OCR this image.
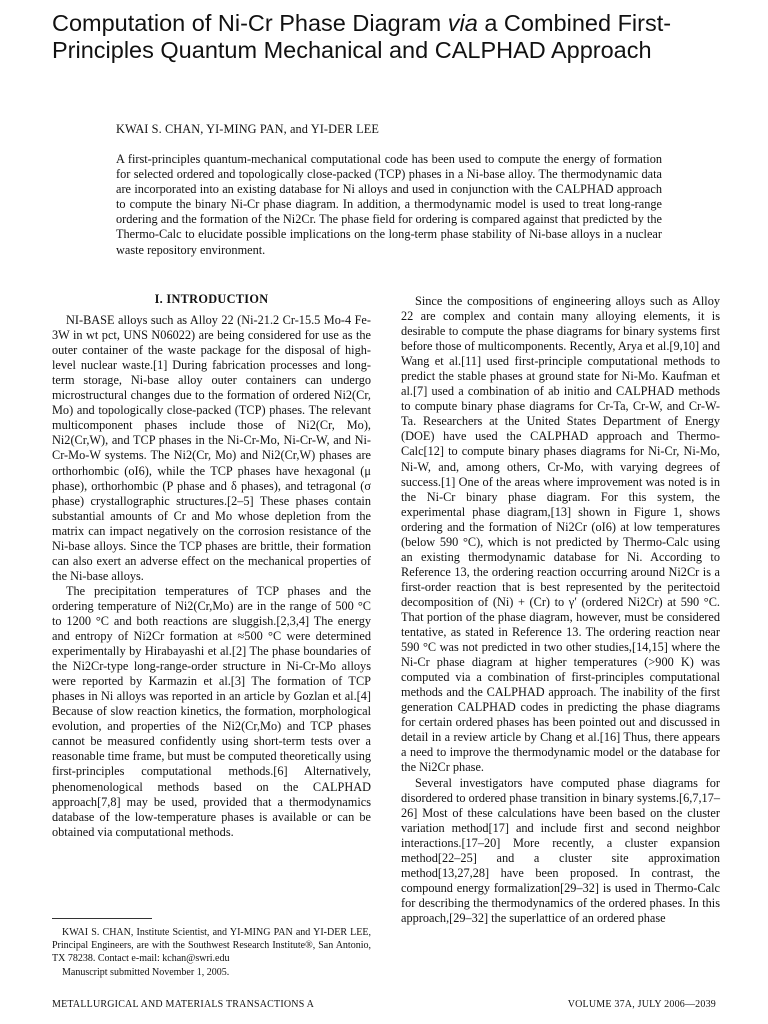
Computation of Ni-Cr Phase Diagram via a Combined First-Principles Quantum Mechanical and CALPHAD Approach
KWAI S. CHAN, YI-MING PAN, and YI-DER LEE
A first-principles quantum-mechanical computational code has been used to compute the energy of formation for selected ordered and topologically close-packed (TCP) phases in a Ni-base alloy. The thermodynamic data are incorporated into an existing database for Ni alloys and used in conjunction with the CALPHAD approach to compute the binary Ni-Cr phase diagram. In addition, a thermodynamic model is used to treat long-range ordering and the formation of the Ni2Cr. The phase field for ordering is compared against that predicted by the Thermo-Calc to elucidate possible implications on the long-term phase stability of Ni-base alloys in a nuclear waste repository environment.
I. INTRODUCTION

NI-BASE alloys such as Alloy 22 (Ni-21.2 Cr-15.5 Mo-4 Fe-3W in wt pct, UNS N06022) are being considered for use as the outer container of the waste package for the disposal of high-level nuclear waste.[1] During fabrication processes and long-term storage, Ni-base alloy outer containers can undergo microstructural changes due to the formation of ordered Ni2(Cr, Mo) and topologically close-packed (TCP) phases. The relevant multicomponent phases include those of Ni2(Cr, Mo), Ni2(Cr,W), and TCP phases in the Ni-Cr-Mo, Ni-Cr-W, and Ni-Cr-Mo-W systems. The Ni2(Cr, Mo) and Ni2(Cr,W) phases are orthorhombic (oI6), while the TCP phases have hexagonal (μ phase), orthorhombic (P phase and δ phases), and tetragonal (σ phase) crystallographic structures.[2–5] These phases contain substantial amounts of Cr and Mo whose depletion from the matrix can impact negatively on the corrosion resistance of the Ni-base alloys. Since the TCP phases are brittle, their formation can also exert an adverse effect on the mechanical properties of the Ni-base alloys.

The precipitation temperatures of TCP phases and the ordering temperature of Ni2(Cr,Mo) are in the range of 500 °C to 1200 °C and both reactions are sluggish.[2,3,4] The energy and entropy of Ni2Cr formation at ≈500 °C were determined experimentally by Hirabayashi et al.[2] The phase boundaries of the Ni2Cr-type long-range-order structure in Ni-Cr-Mo alloys were reported by Karmazin et al.[3] The formation of TCP phases in Ni alloys was reported in an article by Gozlan et al.[4] Because of slow reaction kinetics, the formation, morphological evolution, and properties of the Ni2(Cr,Mo) and TCP phases cannot be measured confidently using short-term tests over a reasonable time frame, but must be computed theoretically using first-principles computational methods.[6] Alternatively, phenomenological methods based on the CALPHAD approach[7,8] may be used, provided that a thermodynamics database of the low-temperature phases is available or can be obtained via computational methods.

Since the compositions of engineering alloys such as Alloy 22 are complex and contain many alloying elements, it is desirable to compute the phase diagrams for binary systems first before those of multicomponents. Recently, Arya et al.[9,10] and Wang et al.[11] used first-principle computational methods to predict the stable phases at ground state for Ni-Mo. Kaufman et al.[7] used a combination of ab initio and CALPHAD methods to compute binary phase diagrams for Cr-Ta, Cr-W, and Cr-W-Ta. Researchers at the United States Department of Energy (DOE) have used the CALPHAD approach and Thermo-Calc[12] to compute binary phases diagrams for Ni-Cr, Ni-Mo, Ni-W, and, among others, Cr-Mo, with varying degrees of success.[1] One of the areas where improvement was noted is in the Ni-Cr binary phase diagram. For this system, the experimental phase diagram,[13] shown in Figure 1, shows ordering and the formation of Ni2Cr (oI6) at low temperatures (below 590 °C), which is not predicted by Thermo-Calc using an existing thermodynamic database for Ni. According to Reference 13, the ordering reaction occurring around Ni2Cr is a first-order reaction that is best represented by the peritectoid decomposition of (Ni) + (Cr) to γ′ (ordered Ni2Cr) at 590 °C. That portion of the phase diagram, however, must be considered tentative, as stated in Reference 13. The ordering reaction near 590 °C was not predicted in two other studies,[14,15] where the Ni-Cr phase diagram at higher temperatures (>900 K) was computed via a combination of first-principles computational methods and the CALPHAD approach. The inability of the first generation CALPHAD codes in predicting the phase diagrams for certain ordered phases has been pointed out and discussed in detail in a review article by Chang et al.[16] Thus, there appears a need to improve the thermodynamic model or the database for the Ni2Cr phase.

Several investigators have computed phase diagrams for disordered to ordered phase transition in binary systems.[6,7,17–26] Most of these calculations have been based on the cluster variation method[17] and include first and second neighbor interactions.[17–20] More recently, a cluster expansion method[22–25] and a cluster site approximation method[13,27,28] have been proposed. In contrast, the compound energy formalization[29–32] is used in Thermo-Calc for describing the thermodynamics of the ordered phases. In this approach,[29–32] the superlattice of an ordered phase

KWAI S. CHAN, Institute Scientist, and YI-MING PAN and YI-DER LEE, Principal Engineers, are with the Southwest Research Institute®, San Antonio, TX 78238. Contact e-mail: kchan@swri.edu

Manuscript submitted November 1, 2005.

METALLURGICAL AND MATERIALS TRANSACTIONS A	VOLUME 37A, JULY 2006—2039
